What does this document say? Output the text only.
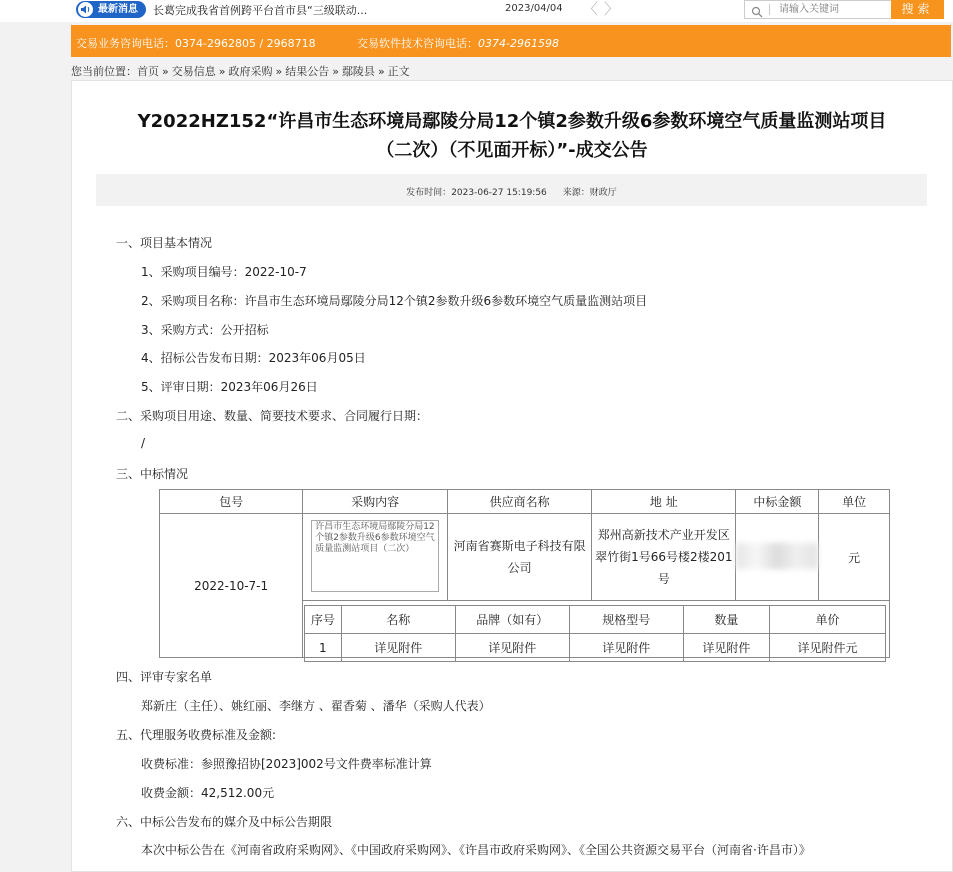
最新消息 长葛完成我省首例跨平台首市县“三级联动...	2023/04/04 〈 〉
请输入关键词	搜索
交易业务咨询电话：0374-2962805 / 2968718	交易软件技术咨询电话：0374-2961598
您当前位置：首页 » 交易信息 » 政府采购 » 结果公告 » 鄢陵县 » 正文
Y2022HZ152“许昌市生态环境局鄢陵分局12个镇2参数升级6参数环境空气质量监测站项目
（二次）（不见面开标）”-成交公告
发布时间：2023-06-27 15:19:56 来源：财政厅
一、项目基本情况
1、采购项目编号：2022-10-7
2、采购项目名称：许昌市生态环境局鄢陵分局12个镇2参数升级6参数环境空气质量监测站项目
3、采购方式：公开招标
4、招标公告发布日期：2023年06月05日
5、评审日期：2023年06月26日
二、采购项目用途、数量、简要技术要求、合同履行日期：
/
三、中标情况
包号	采购内容	供应商名称	地 址	中标金额	单位
2022-10-7-1	许昌市生态环境局鄢陵分局12个镇2参数升级6参数环境空气质量监测站项目（二次）	河南省赛斯电子科技有限公司	郑州高新技术产业开发区翠竹街1号66号楼2楼201号		元

序号	名称	品牌（如有）	规格型号	数量	单价
1	详见附件	详见附件	详见附件	详见附件	详见附件元
四、评审专家名单
郑新庄（主任）、姚红丽、李继方 、翟香菊 、潘华（采购人代表）
五、代理服务收费标准及金额:
收费标准：参照豫招协[2023]002号文件费率标准计算
收费金额：42,512.00元
六、中标公告发布的媒介及中标公告期限
本次中标公告在《河南省政府采购网》、《中国政府采购网》、《许昌市政府采购网》、《全国公共资源交易平台（河南省·许昌市）》
